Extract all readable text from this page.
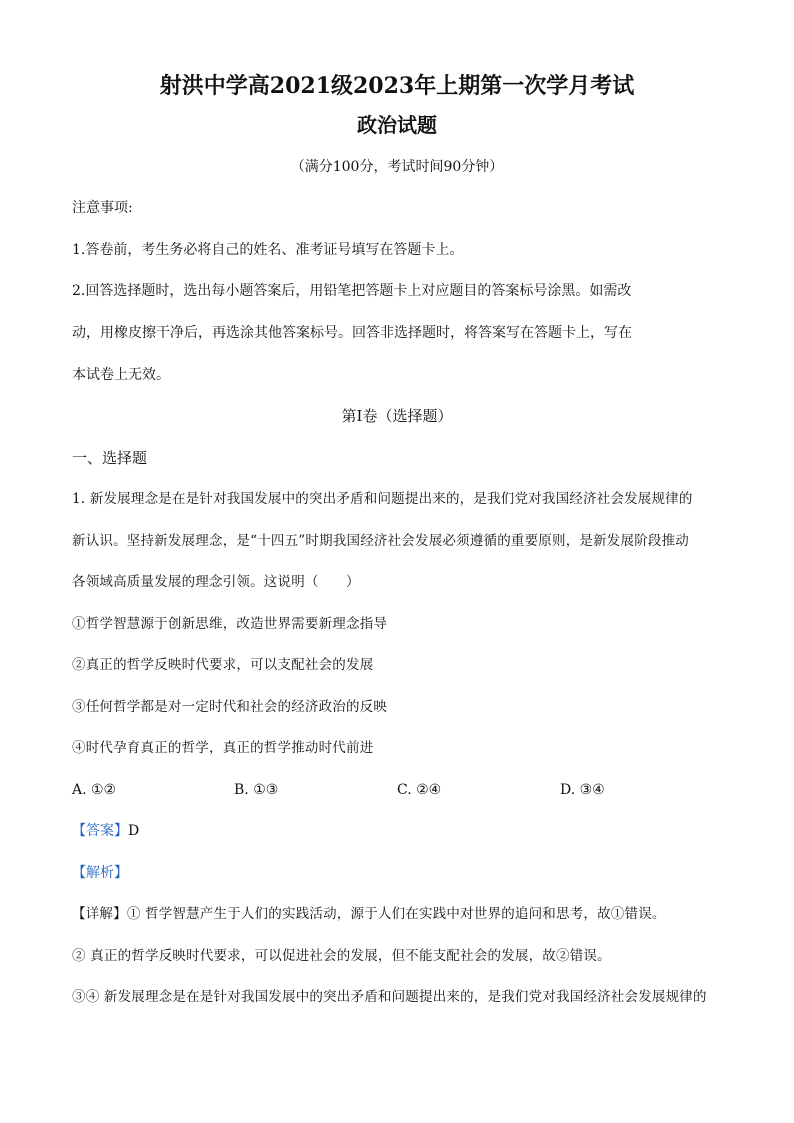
射洪中学高2021级2023年上期第一次学月考试
政治试题
（满分100分，考试时间90分钟）
注意事项:
1.答卷前，考生务必将自己的姓名、准考证号填写在答题卡上。
2.回答选择题时，选出每小题答案后，用铅笔把答题卡上对应题目的答案标号涂黑。如需改
动，用橡皮擦干净后，再选涂其他答案标号。回答非选择题时，将答案写在答题卡上，写在
本试卷上无效。
第I卷（选择题）
一、选择题
1. 新发展理念是在是针对我国发展中的突出矛盾和问题提出来的，是我们党对我国经济社会发展规律的
新认识。坚持新发展理念，是“十四五”时期我国经济社会发展必须遵循的重要原则，是新发展阶段推动
各领域高质量发展的理念引领。这说明（　　）
①哲学智慧源于创新思维，改造世界需要新理念指导
②真正的哲学反映时代要求，可以支配社会的发展
③任何哲学都是对一定时代和社会的经济政治的反映
④时代孕育真正的哲学，真正的哲学推动时代前进
A. ①②	B. ①③	C. ②④	D. ③④
【答案】D
【解析】
【详解】① 哲学智慧产生于人们的实践活动，源于人们在实践中对世界的追问和思考，故①错误。
② 真正的哲学反映时代要求，可以促进社会的发展，但不能支配社会的发展，故②错误。
③④ 新发展理念是在是针对我国发展中的突出矛盾和问题提出来的，是我们党对我国经济社会发展规律的
